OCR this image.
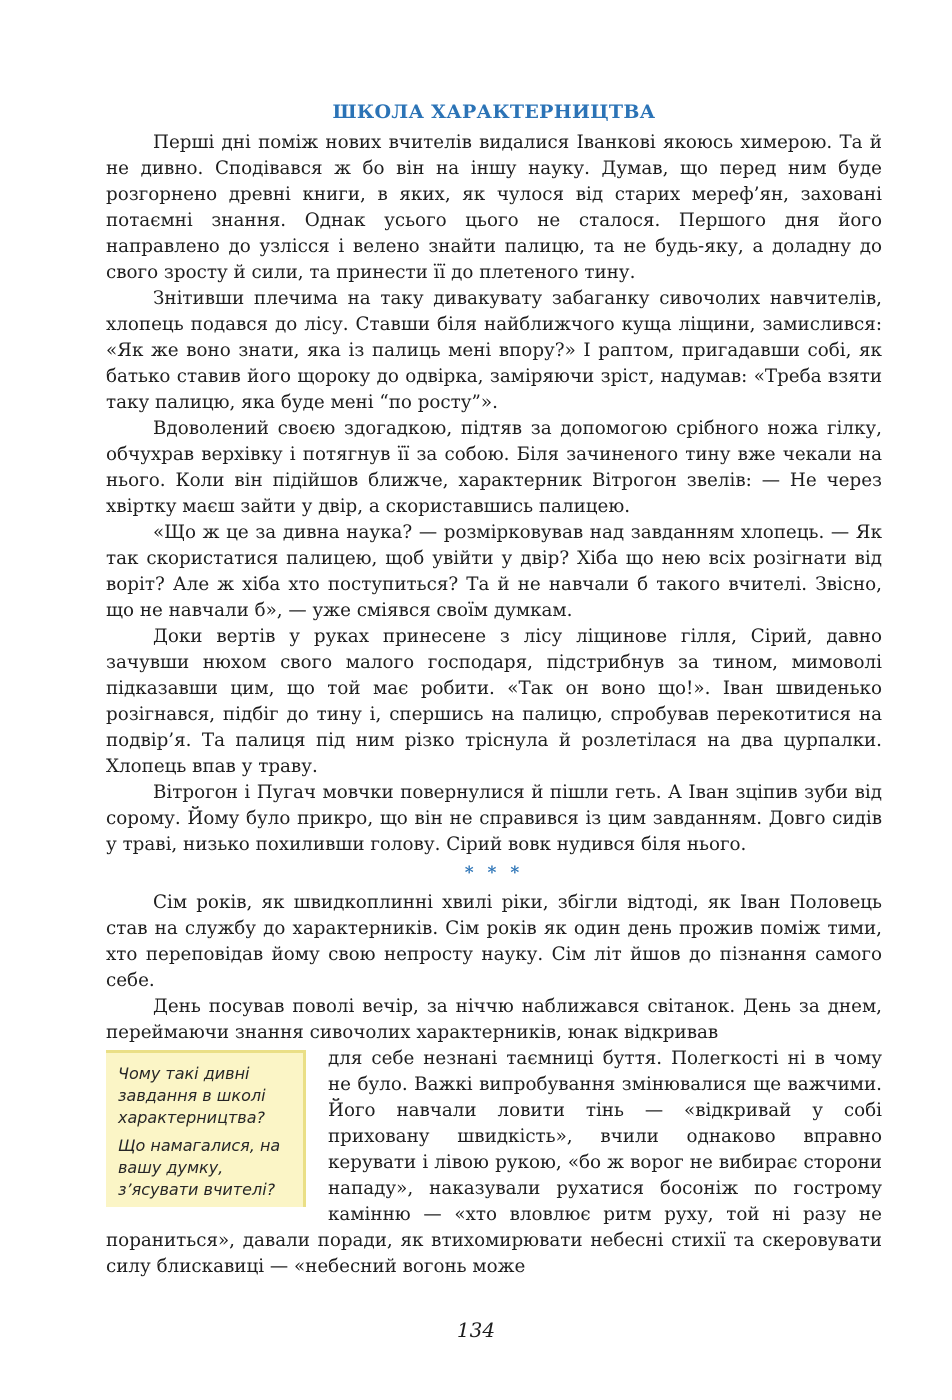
ШКОЛА ХАРАКТЕРНИЦТВА

Перші дні поміж нових вчителів видалися Іванкові якоюсь химерою. Та й не дивно. Сподівався ж бо він на іншу науку. Думав, що перед ним буде розгорнено древні книги, в яких, як чулося від старих мереф’ян, заховані потаємні знання. Однак усього цього не сталося. Першого дня його направлено до узлісся і велено знайти палицю, та не будь-яку, а доладну до свого зросту й сили, та принести її до плетеного тину.

Знітивши плечима на таку дивакувату забаганку сивочолих навчителів, хлопець подався до лісу. Ставши біля найближчого куща ліщини, замислився: «Як же воно знати, яка із палиць мені впору?» І раптом, пригадавши собі, як батько ставив його щороку до одвірка, заміряючи зріст, надумав: «Треба взяти таку палицю, яка буде мені “по росту”».

Вдоволений своєю здогадкою, підтяв за допомогою срібного ножа гілку, обчухрав верхівку і потягнув її за собою. Біля зачиненого тину вже чекали на нього. Коли він підійшов ближче, характерник Вітрогон звелів: — Не через хвіртку маєш зайти у двір, а скориставшись палицею.

«Що ж це за дивна наука? — розмірковував над завданням хлопець. — Як так скористатися палицею, щоб увійти у двір? Хіба що нею всіх розігнати від воріт? Але ж хіба хто поступиться? Та й не навчали б такого вчителі. Звісно, що не навчали б», — уже сміявся своїм думкам.

Доки вертів у руках принесене з лісу ліщинове гілля, Сірий, давно зачувши нюхом свого малого господаря, підстрибнув за тином, мимоволі підказавши цим, що той має робити. «Так он воно що!». Іван швиденько розігнався, підбіг до тину і, спершись на палицю, спробував перекотитися на подвір’я. Та палиця під ним різко тріснула й розлетілася на два цурпалки. Хлопець впав у траву.

Вітрогон і Пугач мовчки повернулися й пішли геть. А Іван зціпив зуби від сорому. Йому було прикро, що він не справився із цим завданням. Довго сидів у траві, низько похиливши голову. Сірий вовк нудився біля нього.

* * *

Сім років, як швидкоплинні хвилі ріки, збігли відтоді, як Іван Половець став на службу до характерників. Сім років як один день прожив поміж тими, хто переповідав йому свою непросту науку. Сім літ йшов до пізнання самого себе.

День посував поволі вечір, за ніччю наближався світанок. День за днем, переймаючи знання сивочолих характерників, юнак відкривав

Чому такі дивні завдання в школі характерництва?
Що намагалися, на вашу думку, з’ясувати вчителі?

для себе незнані таємниці буття. Полегкості ні в чому не було. Важкі випробування змінювалися ще важчими. Його навчали ловити тінь — «відкривай у собі приховану швидкість», вчили однаково вправно керувати і лівою рукою, «бо ж ворог не вибирає сторони нападу», наказували рухатися босоніж по гострому камінню — «хто вловлює ритм руху, той ні разу не пораниться», давали поради, як втихомирювати небесні стихії та скеровувати силу блискавиці — «небесний вогонь може

134
